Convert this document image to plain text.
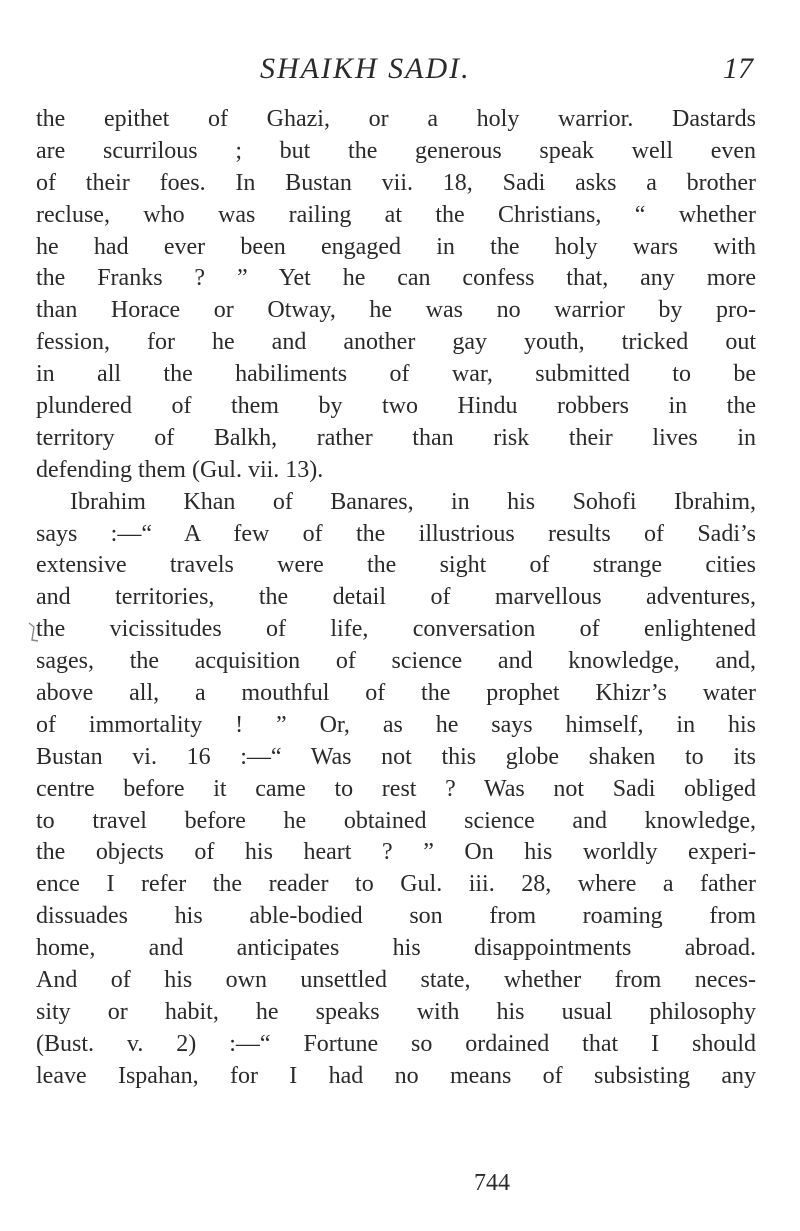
SHAIKH SADI.	17
the epithet of Ghazi, or a holy warrior. Dastards
are scurrilous ; but the generous speak well even
of their foes. In Bustan vii. 18, Sadi asks a brother
recluse, who was railing at the Christians, “ whether
he had ever been engaged in the holy wars with
the Franks ? ” Yet he can confess that, any more
than Horace or Otway, he was no warrior by pro-
fession, for he and another gay youth, tricked out
in all the habiliments of war, submitted to be
plundered of them by two Hindu robbers in the
territory of Balkh, rather than risk their lives in
defending them (Gul. vii. 13).
Ibrahim Khan of Banares, in his Sohofi Ibrahim,
says :—“ A few of the illustrious results of Sadi’s
extensive travels were the sight of strange cities
and territories, the detail of marvellous adventures,
the vicissitudes of life, conversation of enlightened
sages, the acquisition of science and knowledge, and,
above all, a mouthful of the prophet Khizr’s water
of immortality ! ” Or, as he says himself, in his
Bustan vi. 16 :—“ Was not this globe shaken to its
centre before it came to rest ? Was not Sadi obliged
to travel before he obtained science and knowledge,
the objects of his heart ? ” On his worldly experi-
ence I refer the reader to Gul. iii. 28, where a father
dissuades his able-bodied son from roaming from
home, and anticipates his disappointments abroad.
And of his own unsettled state, whether from neces-
sity or habit, he speaks with his usual philosophy
(Bust. v. 2) :—“ Fortune so ordained that I should
leave Ispahan, for I had no means of subsisting any
744
